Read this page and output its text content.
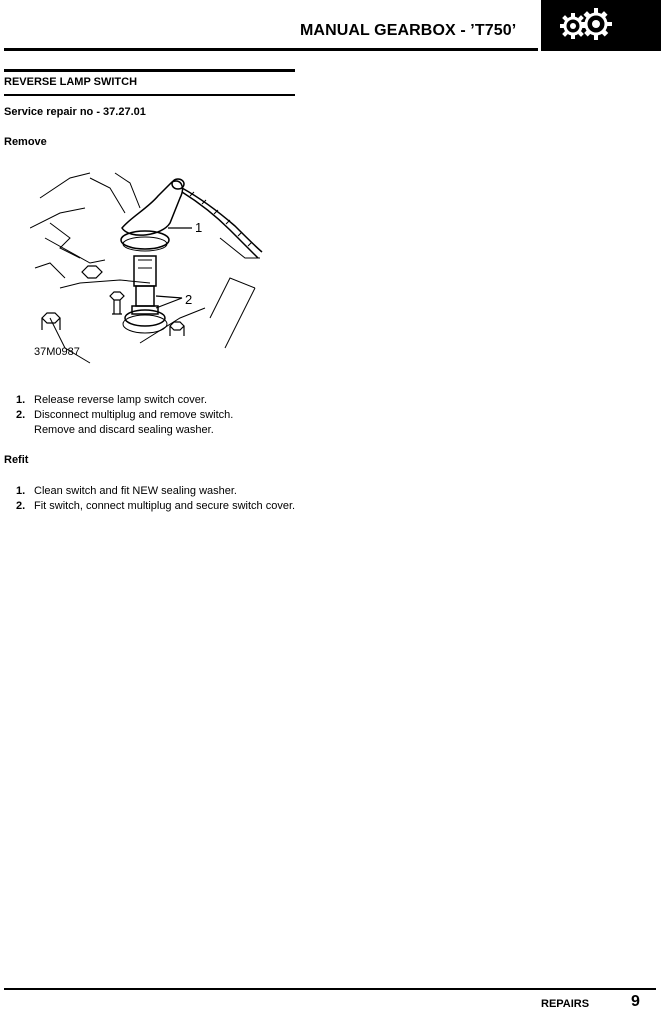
MANUAL GEARBOX - ’T750’
REVERSE LAMP SWITCH
Service repair no - 37.27.01
Remove
1
2
37M0987
1. Release reverse lamp switch cover.
2. Disconnect multiplug and remove switch. Remove and discard sealing washer.
Refit
1. Clean switch and fit NEW sealing washer.
2. Fit switch, connect multiplug and secure switch cover.
REPAIRS	9
